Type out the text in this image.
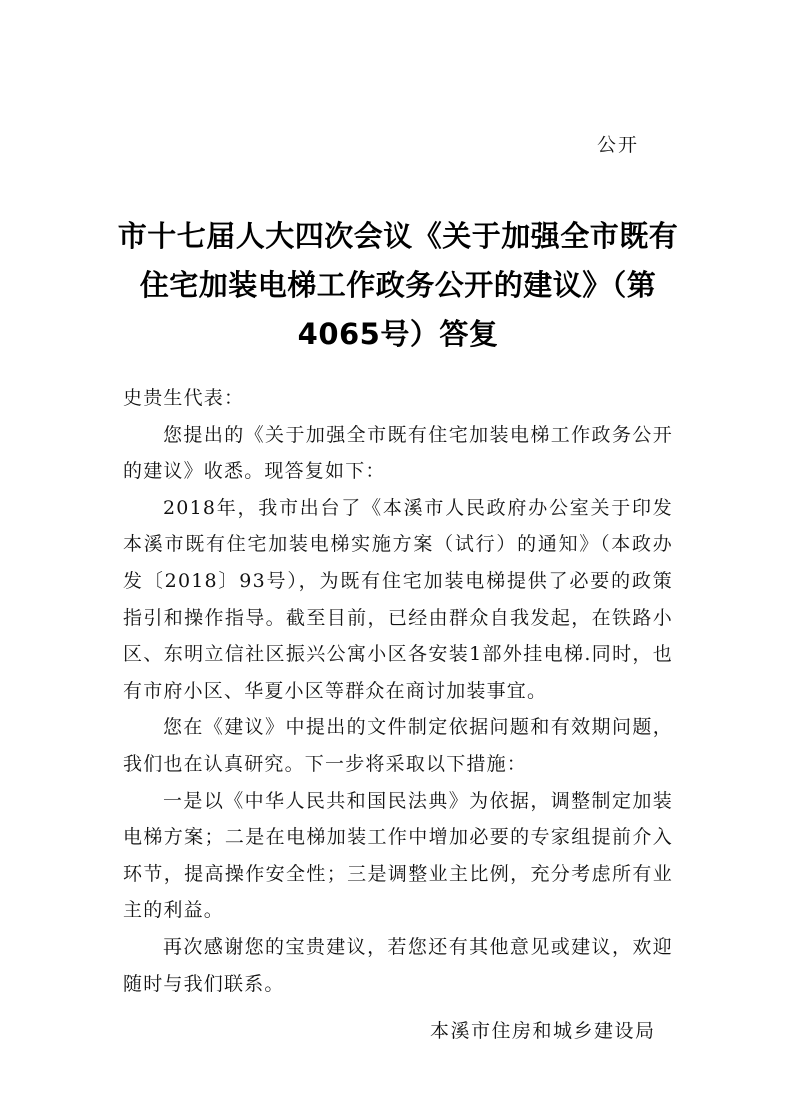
公开
市十七届人大四次会议《关于加强全市既有住宅加装电梯工作政务公开的建议》（第4065号）答复

史贵生代表：

您提出的《关于加强全市既有住宅加装电梯工作政务公开的建议》收悉。现答复如下：

2018年，我市出台了《本溪市人民政府办公室关于印发本溪市既有住宅加装电梯实施方案（试行）的通知》（本政办发〔2018〕93号），为既有住宅加装电梯提供了必要的政策指引和操作指导。截至目前，已经由群众自我发起，在铁路小区、东明立信社区振兴公寓小区各安装1部外挂电梯.同时，也有市府小区、华夏小区等群众在商讨加装事宜。

您在《建议》中提出的文件制定依据问题和有效期问题，我们也在认真研究。下一步将采取以下措施：

一是以《中华人民共和国民法典》为依据，调整制定加装电梯方案；二是在电梯加装工作中增加必要的专家组提前介入环节，提高操作安全性；三是调整业主比例，充分考虑所有业主的利益。

再次感谢您的宝贵建议，若您还有其他意见或建议，欢迎随时与我们联系。

本溪市住房和城乡建设局
